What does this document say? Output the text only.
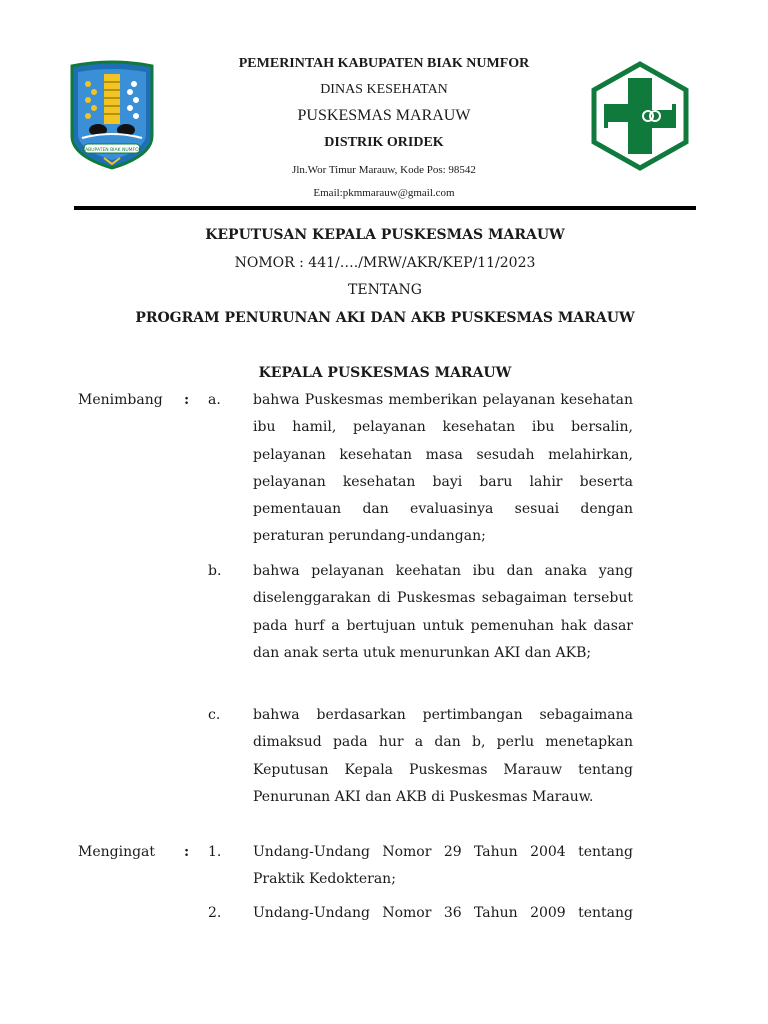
KABUPATEN BIAK NUMFOR
PEMERINTAH KABUPATEN BIAK NUMFOR
DINAS KESEHATAN
PUSKESMAS MARAUW
DISTRIK ORIDEK
Jln.Wor Timur Marauw, Kode Pos: 98542
Email:pkmmarauw@gmail.com
KEPUTUSAN KEPALA PUSKESMAS MARAUW
NOMOR : 441/…./MRW/AKR/KEP/11/2023
TENTANG
PROGRAM PENURUNAN AKI DAN AKB PUSKESMAS MARAUW
KEPALA PUSKESMAS MARAUW
Menimbang : a. bahwa Puskesmas memberikan pelayanan kesehatan ibu hamil, pelayanan kesehatan ibu bersalin, pelayanan kesehatan masa sesudah melahirkan, pelayanan kesehatan bayi baru lahir beserta pementauan dan evaluasinya sesuai dengan peraturan perundang-undangan;
b. bahwa pelayanan keehatan ibu dan anaka yang diselenggarakan di Puskesmas sebagaiman tersebut pada hurf a bertujuan untuk pemenuhan hak dasar dan anak serta utuk menurunkan AKI dan AKB;
c. bahwa berdasarkan pertimbangan sebagaimana dimaksud pada hur a dan b, perlu menetapkan Keputusan Kepala Puskesmas Marauw tentang Penurunan AKI dan AKB di Puskesmas Marauw.
Mengingat : 1. Undang-Undang Nomor 29 Tahun 2004 tentang Praktik Kedokteran;
2. Undang-Undang Nomor 36 Tahun 2009 tentang
